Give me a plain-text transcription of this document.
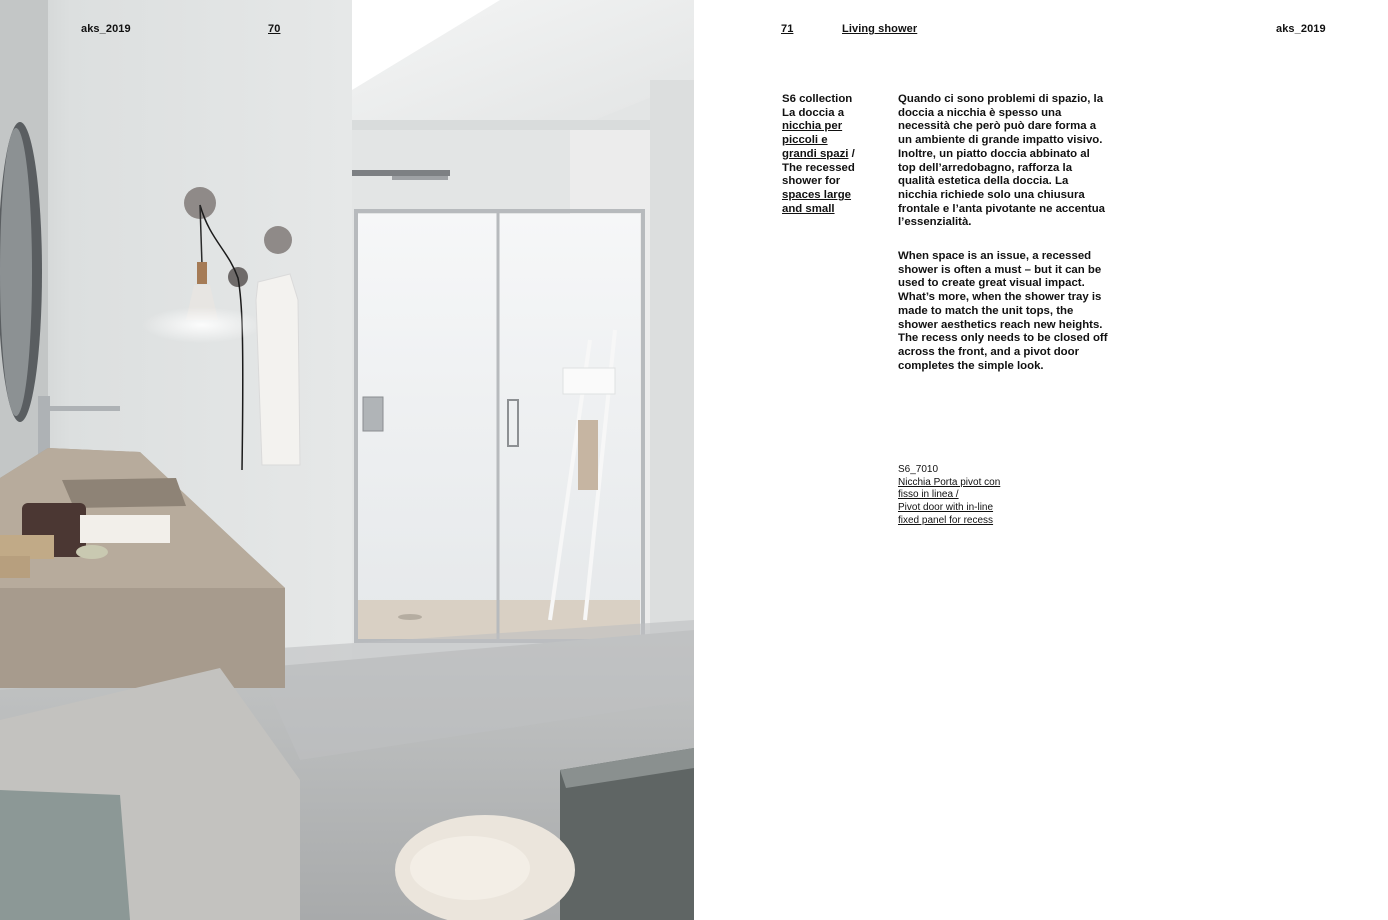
aks_2019	70	71	Living shower	aks_2019
S6 collection
La doccia a
nicchia per
piccoli e
grandi spazi /
The recessed
shower for
spaces large
and small

Quando ci sono problemi di spazio, la doccia a nicchia è spesso una necessità che però può dare forma a un ambiente di grande impatto visivo. Inoltre, un piatto doccia abbinato al top dell’arredobagno, rafforza la qualità estetica della doccia. La nicchia richiede solo una chiusura frontale e l’anta pivotante ne accentua l’essenzialità.

When space is an issue, a recessed shower is often a must – but it can be used to create great visual impact. What’s more, when the shower tray is made to match the unit tops, the shower aesthetics reach new heights. The recess only needs to be closed off across the front, and a pivot door completes the simple look.

S6_7010
Nicchia Porta pivot con
fisso in linea /
Pivot door with in-line
fixed panel for recess
